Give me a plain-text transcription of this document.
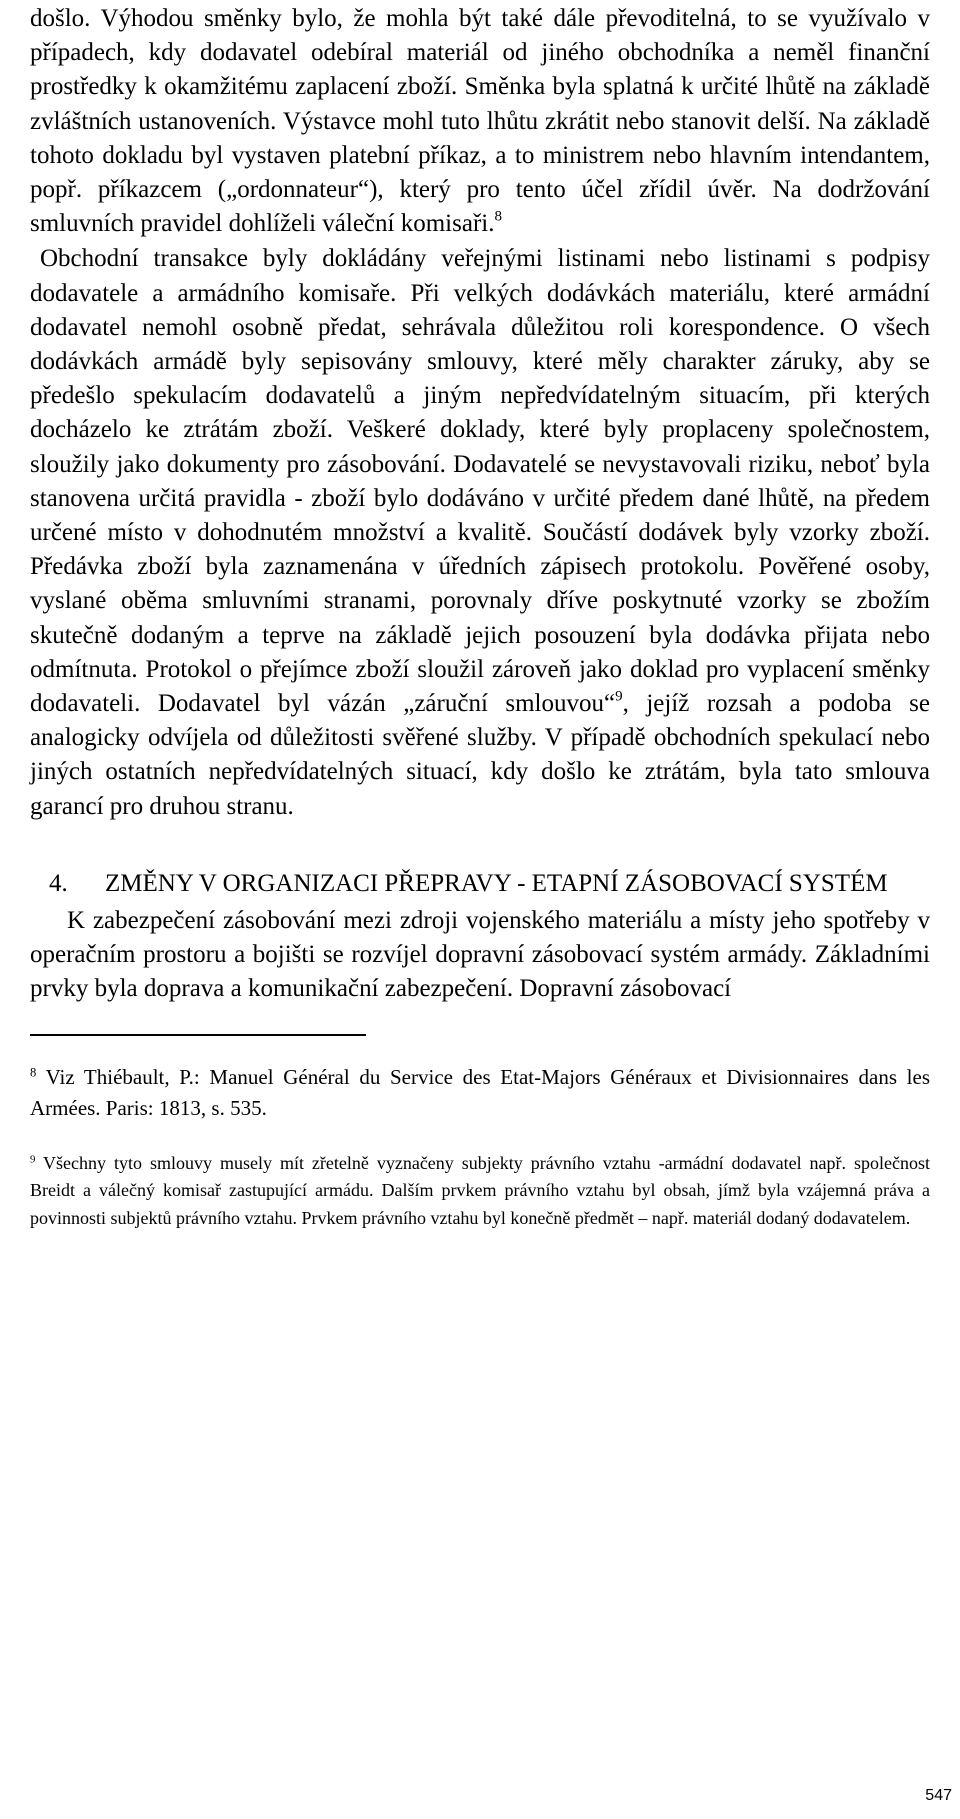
došlo. Výhodou směnky bylo, že mohla být také dále převoditelná, to se využívalo v případech, kdy dodavatel odebíral materiál od jiného obchodníka a neměl finanční prostředky k okamžitému zaplacení zboží. Směnka byla splatná k určité lhůtě na základě zvláštních ustanoveních. Výstavce mohl tuto lhůtu zkrátit nebo stanovit delší. Na základě tohoto dokladu byl vystaven platební příkaz, a to ministrem nebo hlavním intendantem, popř. příkazcem („ordonnateur“), který pro tento účel zřídil úvěr. Na dodržování smluvních pravidel dohlíželi váleční komisaři.$^8$

Obchodní transakce byly dokládány veřejnými listinami nebo listinami s podpisy dodavatele a armádního komisaře. Při velkých dodávkách materiálu, které armádní dodavatel nemohl osobně předat, sehrávala důležitou roli korespondence. O všech dodávkách armádě byly sepisovány smlouvy, které měly charakter záruky, aby se předešlo spekulacím dodavatelů a jiným nepředvídatelným situacím, při kterých docházelo ke ztrátám zboží. Veškeré doklady, které byly proplaceny společnostem, sloužily jako dokumenty pro zásobování. Dodavatelé se nevystavovali riziku, neboť byla stanovena určitá pravidla - zboží bylo dodáváno v určité předem dané lhůtě, na předem určené místo v dohodnutém množství a kvalitě. Součástí dodávek byly vzorky zboží. Předávka zboží byla zaznamenána v úředních zápisech protokolu. Pověřené osoby, vyslané oběma smluvními stranami, porovnaly dříve poskytnuté vzorky se zbožím skutečně dodaným a teprve na základě jejich posouzení byla dodávka přijata nebo odmítnuta. Protokol o přejímce zboží sloužil zároveň jako doklad pro vyplacení směnky dodavateli. Dodavatel byl vázán „záruční smlouvou“$^9$, jejíž rozsah a podoba se analogicky odvíjela od důležitosti svěřené služby. V případě obchodních spekulací nebo jiných ostatních nepředvídatelných situací, kdy došlo ke ztrátám, byla tato smlouva garancí pro druhou stranu.

4.	ZMĚNY V ORGANIZACI PŘEPRAVY - ETAPNÍ ZÁSOBOVACÍ SYSTÉM

K zabezpečení zásobování mezi zdroji vojenského materiálu a místy jeho spotřeby v operačním prostoru a bojišti se rozvíjel dopravní zásobovací systém armády. Základními prvky byla doprava a komunikační zabezpečení. Dopravní zásobovací

$^8$ Viz Thiébault, P.: Manuel Général du Service des Etat-Majors Généraux et Divisionnaires dans les Armées. Paris: 1813, s. 535.

$^9$ Všechny tyto smlouvy musely mít zřetelně vyznačeny subjekty právního vztahu -armádní dodavatel např. společnost Breidt a válečný komisař zastupující armádu. Dalším prvkem právního vztahu byl obsah, jímž byla vzájemná práva a povinnosti subjektů právního vztahu. Prvkem právního vztahu byl konečně předmět – např. materiál dodaný dodavatelem.

547
